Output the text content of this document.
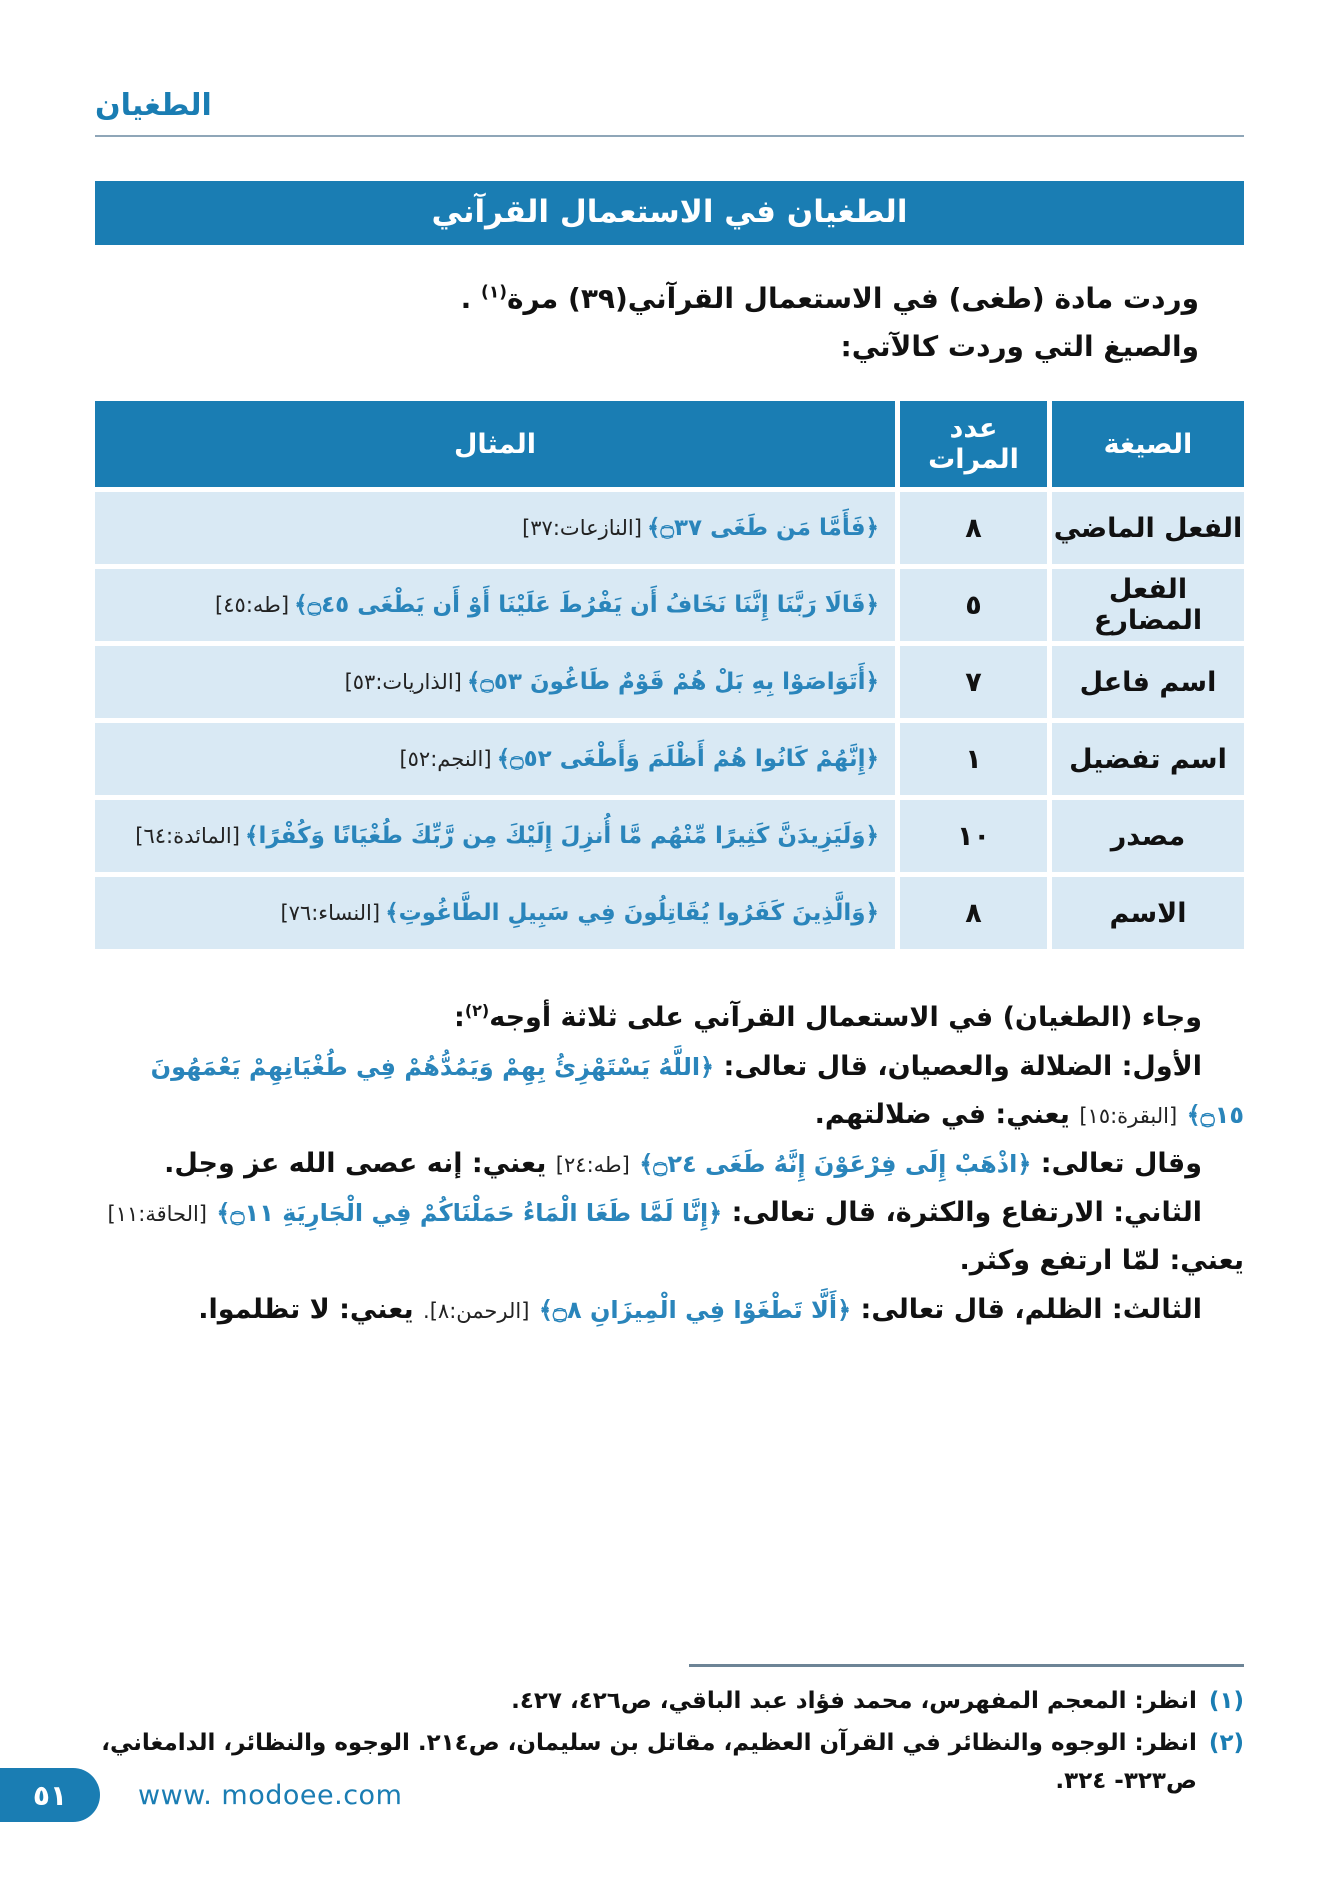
الطغيان
الطغيان في الاستعمال القرآني
وردت مادة (طغى) في الاستعمال القرآني(٣٩) مرة$^{(١)}$ .
والصيغ التي وردت كالآتي:
الصيغة	عدد المرات	المثال
الفعل الماضي	٨	﴿فَأَمَّا مَن طَغَى ۝٣٧﴾ [النازعات:٣٧]
الفعل المضارع	٥	﴿قَالَا رَبَّنَا إِنَّنَا نَخَافُ أَن يَفْرُطَ عَلَيْنَا أَوْ أَن يَطْغَى ۝٤٥﴾ [طه:٤٥]
اسم فاعل	٧	﴿أَتَوَاصَوْا بِهِ بَلْ هُمْ قَوْمٌ طَاغُونَ ۝٥٣﴾ [الذاريات:٥٣]
اسم تفضيل	١	﴿إِنَّهُمْ كَانُوا هُمْ أَظْلَمَ وَأَطْغَى ۝٥٢﴾ [النجم:٥٢]
مصدر	١٠	﴿وَلَيَزِيدَنَّ كَثِيرًا مِّنْهُم مَّا أُنزِلَ إِلَيْكَ مِن رَّبِّكَ طُغْيَانًا وَكُفْرًا﴾ [المائدة:٦٤]
الاسم	٨	﴿وَالَّذِينَ كَفَرُوا يُقَاتِلُونَ فِي سَبِيلِ الطَّاغُوتِ﴾ [النساء:٧٦]

وجاء (الطغيان) في الاستعمال القرآني على ثلاثة أوجه$^{(٢)}$:

الأول: الضلالة والعصيان، قال تعالى: ﴿اللَّهُ يَسْتَهْزِئُ بِهِمْ وَيَمُدُّهُمْ فِي طُغْيَانِهِمْ يَعْمَهُونَ ۝١٥﴾ [البقرة:١٥] يعني: في ضلالتهم.

وقال تعالى: ﴿اذْهَبْ إِلَى فِرْعَوْنَ إِنَّهُ طَغَى ۝٢٤﴾ [طه:٢٤] يعني: إنه عصى الله عز وجل.

الثاني: الارتفاع والكثرة، قال تعالى: ﴿إِنَّا لَمَّا طَغَا الْمَاءُ حَمَلْنَاكُمْ فِي الْجَارِيَةِ ۝١١﴾ [الحاقة:١١] يعني: لمّا ارتفع وكثر.

الثالث: الظلم، قال تعالى: ﴿أَلَّا تَطْغَوْا فِي الْمِيزَانِ ۝٨﴾ [الرحمن:٨]. يعني: لا تظلموا.

(١)
انظر: المعجم المفهرس، محمد فؤاد عبد الباقي، ص٤٢٦، ٤٢٧.
(٢)
انظر: الوجوه والنظائر في القرآن العظيم، مقاتل بن سليمان، ص٢١٤. الوجوه والنظائر، الدامغاني، ص٣٢٣- ٣٢٤.
٥١	www. modoee.com
